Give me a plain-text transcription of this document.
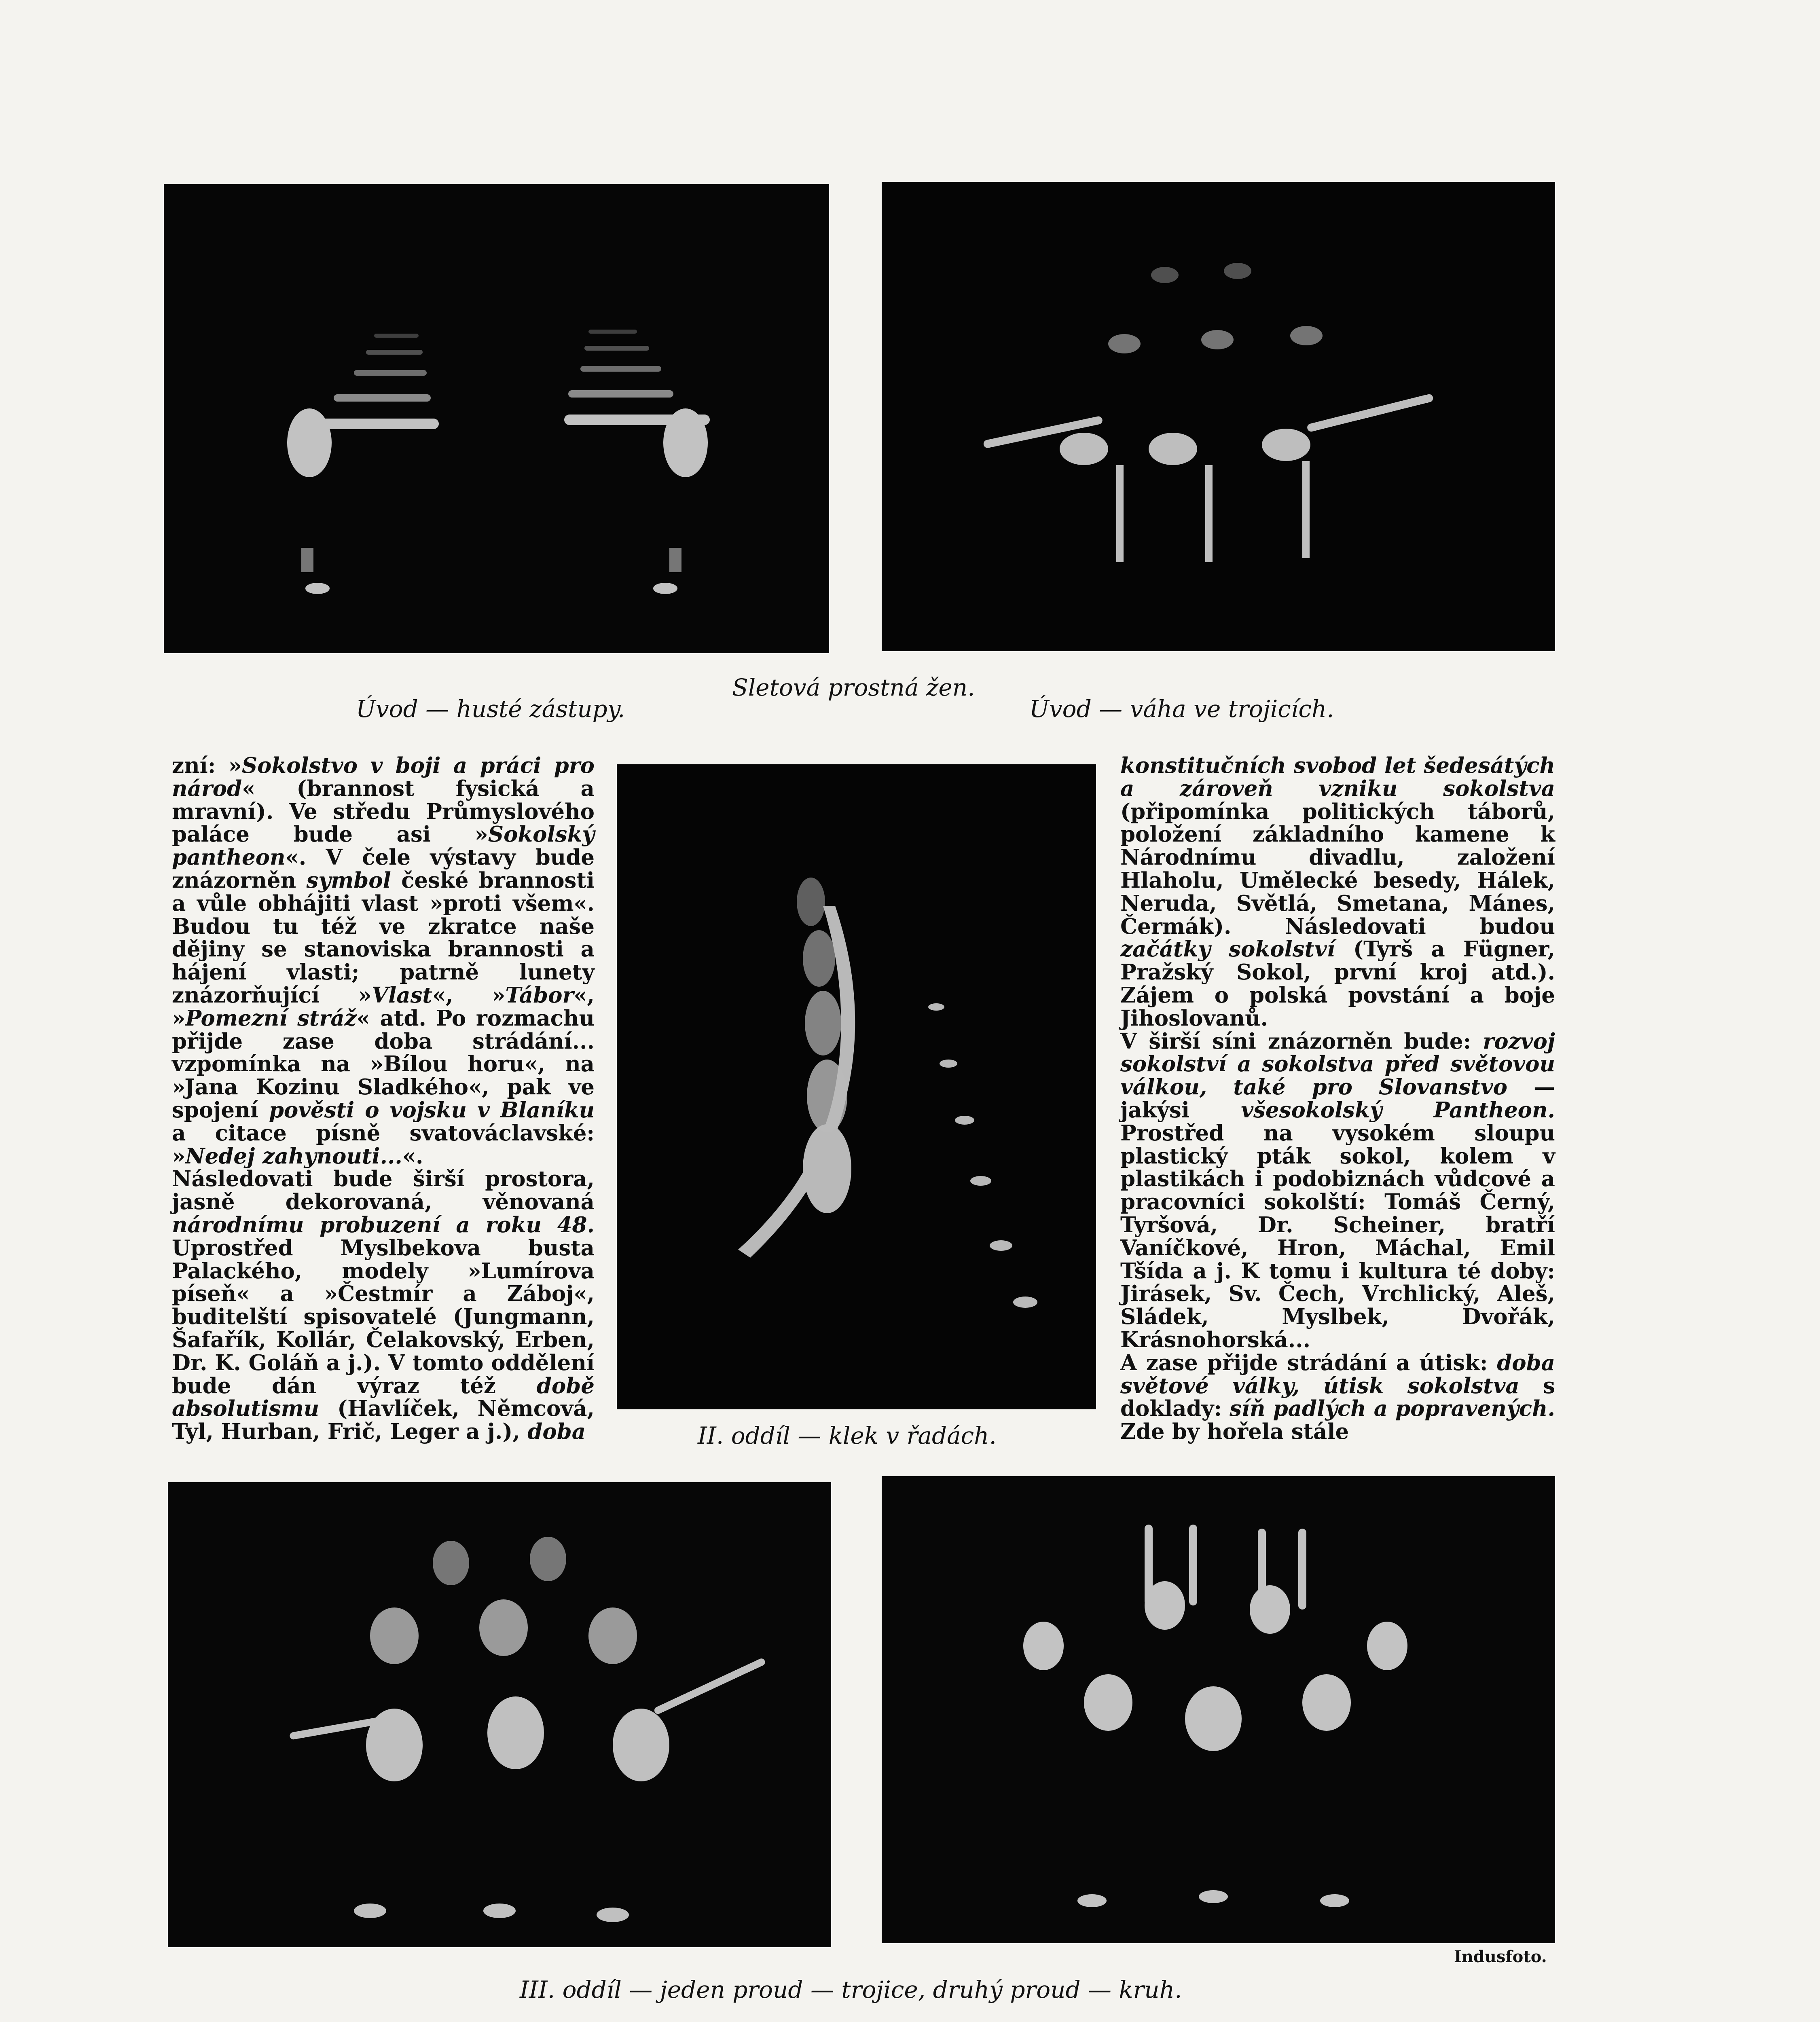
Úvod — husté zástupy.
Sletová prostná žen.
Úvod — váha ve trojicích.
II. oddíl — klek v řadách.
III. oddíl — jeden proud — trojice, druhý proud — kruh.

zní: »Sokolstvo v boji a práci pro národ« (brannost fysická a mravní). Ve středu Průmyslového paláce bude asi »Sokolský pantheon«. V čele výstavy bude znázorněn symbol české brannosti a vůle obhájiti vlast »proti všem«. Budou tu též ve zkratce naše dějiny se stanoviska brannosti a hájení vlasti; patrně lunety znázorňující »Vlast«, »Tábor«, »Pomezní stráž« atd. Po rozmachu přijde zase doba strádání... vzpomínka na »Bílou horu«, na »Jana Kozinu Sladkého«, pak ve spojení pověsti o vojsku v Blaníku a citace písně svatováclavské: »Nedej zahynouti...«.

Následovati bude širší prostora, jasně dekorovaná, věnovaná národnímu probuzení a roku 48. Uprostřed Myslbekova busta Palackého, modely »Lumírova píseň« a »Čestmír a Záboj«, buditelští spisovatelé (Jungmann, Šafařík, Kollár, Čelakovský, Erben, Dr. K. Goláň a j.). V tomto oddělení bude dán výraz též době absolutismu (Havlíček, Němcová, Tyl, Hurban, Frič, Leger a j.), doba

konstitučních svobod let šedesátých a zároveň vzniku sokolstva (připomínka politických táborů, položení základního kamene k Národnímu divadlu, založení Hlaholu, Umělecké besedy, Hálek, Neruda, Světlá, Smetana, Mánes, Čermák). Následovati budou začátky sokolství (Tyrš a Fügner, Pražský Sokol, první kroj atd.). Zájem o polská povstání a boje Jihoslovanů.

V širší síni znázorněn bude: rozvoj sokolství a sokolstva před světovou válkou, také pro Slovanstvo — jakýsi všesokolský Pantheon. Prostřed na vysokém sloupu plastický pták sokol, kolem v plastikách i podobiznách vůdcové a pracovníci sokolští: Tomáš Černý, Tyršová, Dr. Scheiner, bratří Vaníčkové, Hron, Máchal, Emil Tšída a j. K tomu i kultura té doby: Jirásek, Sv. Čech, Vrchlický, Aleš, Sládek, Myslbek, Dvořák, Krásnohorská...

A zase přijde strádání a útisk: doba světové války, útisk sokolstva s doklady: síň padlých a popravených. Zde by hořela stále

Indusfoto.
